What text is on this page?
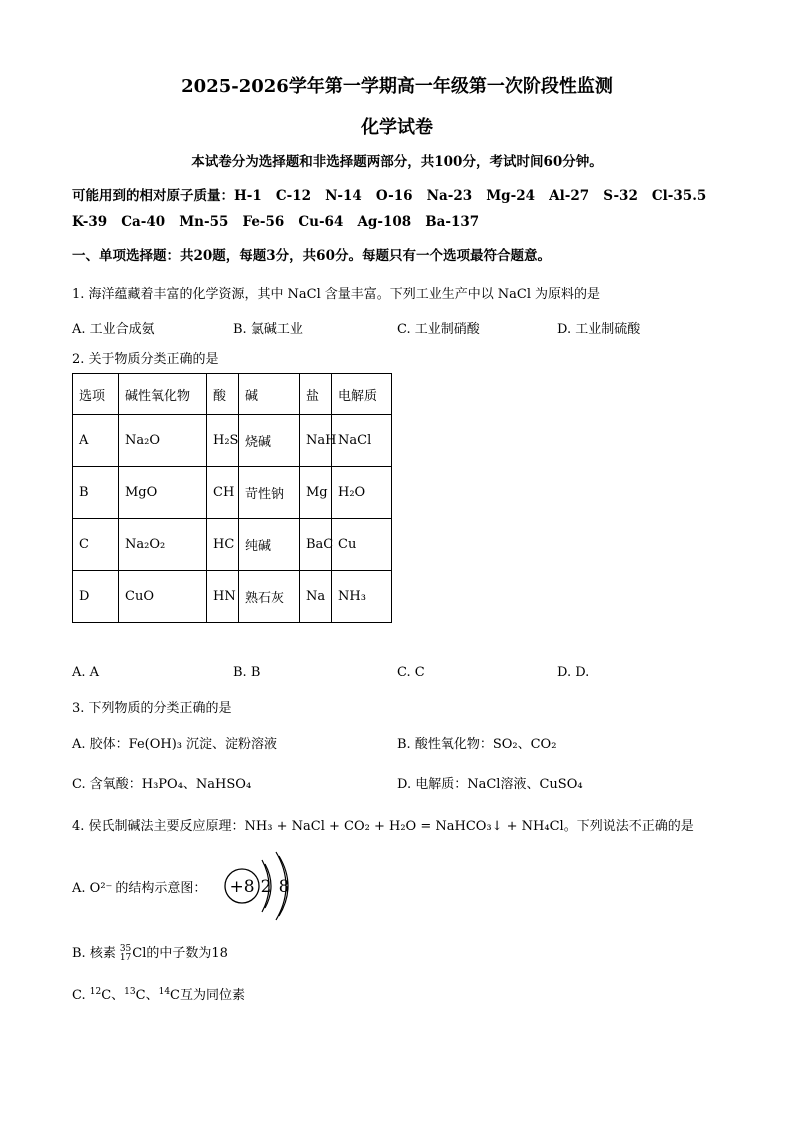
2025-2026学年第一学期高一年级第一次阶段性监测
化学试卷
本试卷分为选择题和非选择题两部分，共100分，考试时间60分钟。
可能用到的相对原子质量：H-1   C-12   N-14   O-16   Na-23   Mg-24   Al-27   S-32   Cl-35.5
K-39   Ca-40   Mn-55   Fe-56   Cu-64   Ag-108   Ba-137
一、单项选择题：共20题，每题3分，共60分。每题只有一个选项最符合题意。
1. 海洋蕴藏着丰富的化学资源，其中 NaCl 含量丰富。下列工业生产中以 NaCl 为原料的是
A. 工业合成氨	B. 氯碱工业	C. 工业制硝酸	D. 工业制硫酸
2. 关于物质分类正确的是
选项	碱性氧化物	酸	碱	盐	电解质
A	Na₂O	H₂S	烧碱	NaH	NaCl
B	MgO	CH	苛性钠	Mg	H₂O
C	Na₂O₂	HC	纯碱	BaC	Cu
D	CuO	HN	熟石灰	Na	NH₃
A. A	B. B	C. C	D. D.
3. 下列物质的分类正确的是
A. 胶体：Fe(OH)₃ 沉淀、淀粉溶液	B. 酸性氧化物：SO₂、CO₂
C. 含氧酸：H₃PO₄、NaHSO₄	D. 电解质：NaCl溶液、CuSO₄
4. 侯氏制碱法主要反应原理：NH₃ + NaCl + CO₂ + H₂O = NaHCO₃↓ + NH₄Cl。下列说法不正确的是
A. O²⁻ 的结构示意图： +8 2 8
B. 核素 35
17 Cl的中子数为18
C. $^{12}$C、$^{13}$C、$^{14}$C互为同位素
